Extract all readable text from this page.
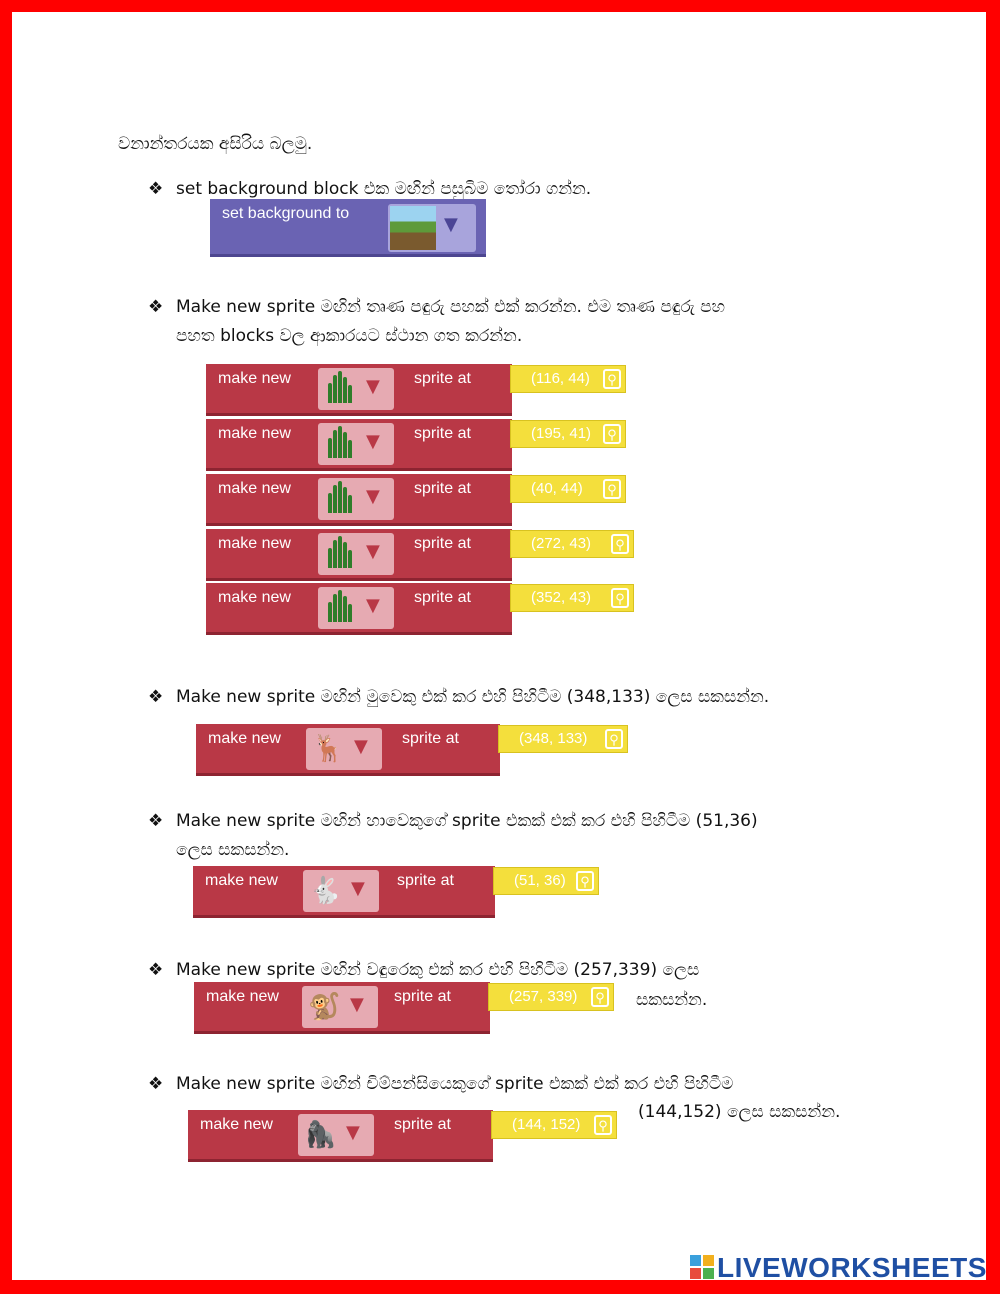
වනාන්තරයක අසිරිය බලමු.
❖ set background block එක මඟින් පසුබිම තෝරා ගන්න.
set background to
▼
❖ Make new sprite මඟින් තෘණ පඳුරු පහක් එක් කරන්න. එම තෘණ පඳුරු පහ
පහත blocks වල ආකාරයට ස්ථාන ගත කරන්න.
make new	▼ sprite at	(116, 44)	⚲
make new	▼ sprite at	(195, 41)	⚲
make new	▼ sprite at	(40, 44)	⚲
make new	▼ sprite at	(272, 43)	⚲
make new	▼ sprite at	(352, 43)	⚲
❖ Make new sprite මඟින් මුවෙකු එක් කර එහි පිහිටීම (348,133) ලෙස සකසන්න.
❖ Make new sprite මඟින් හාවෙකුගේ sprite එකක් එක් කර එහි පිහිටීම (51,36)
ලෙස සකසන්න.
❖ Make new sprite මඟින් වඳුරෙකු එක් කර එහි පිහිටීම (257,339) ලෙස
සකසන්න.
❖ Make new sprite මඟින් චිම්පන්සියෙකුගේ sprite එකක් එක් කර එහි පිහිටීම
(144,152) ලෙස සකසන්න.
make new 🦌 ▼ sprite at	(348, 133)	⚲
make new 🐇 ▼ sprite at	(51, 36)	⚲
make new 🐒 ▼ sprite at	(257, 339)	⚲
make new 🦍 ▼ sprite at	(144, 152)	⚲
LIVEWORKSHEETS
